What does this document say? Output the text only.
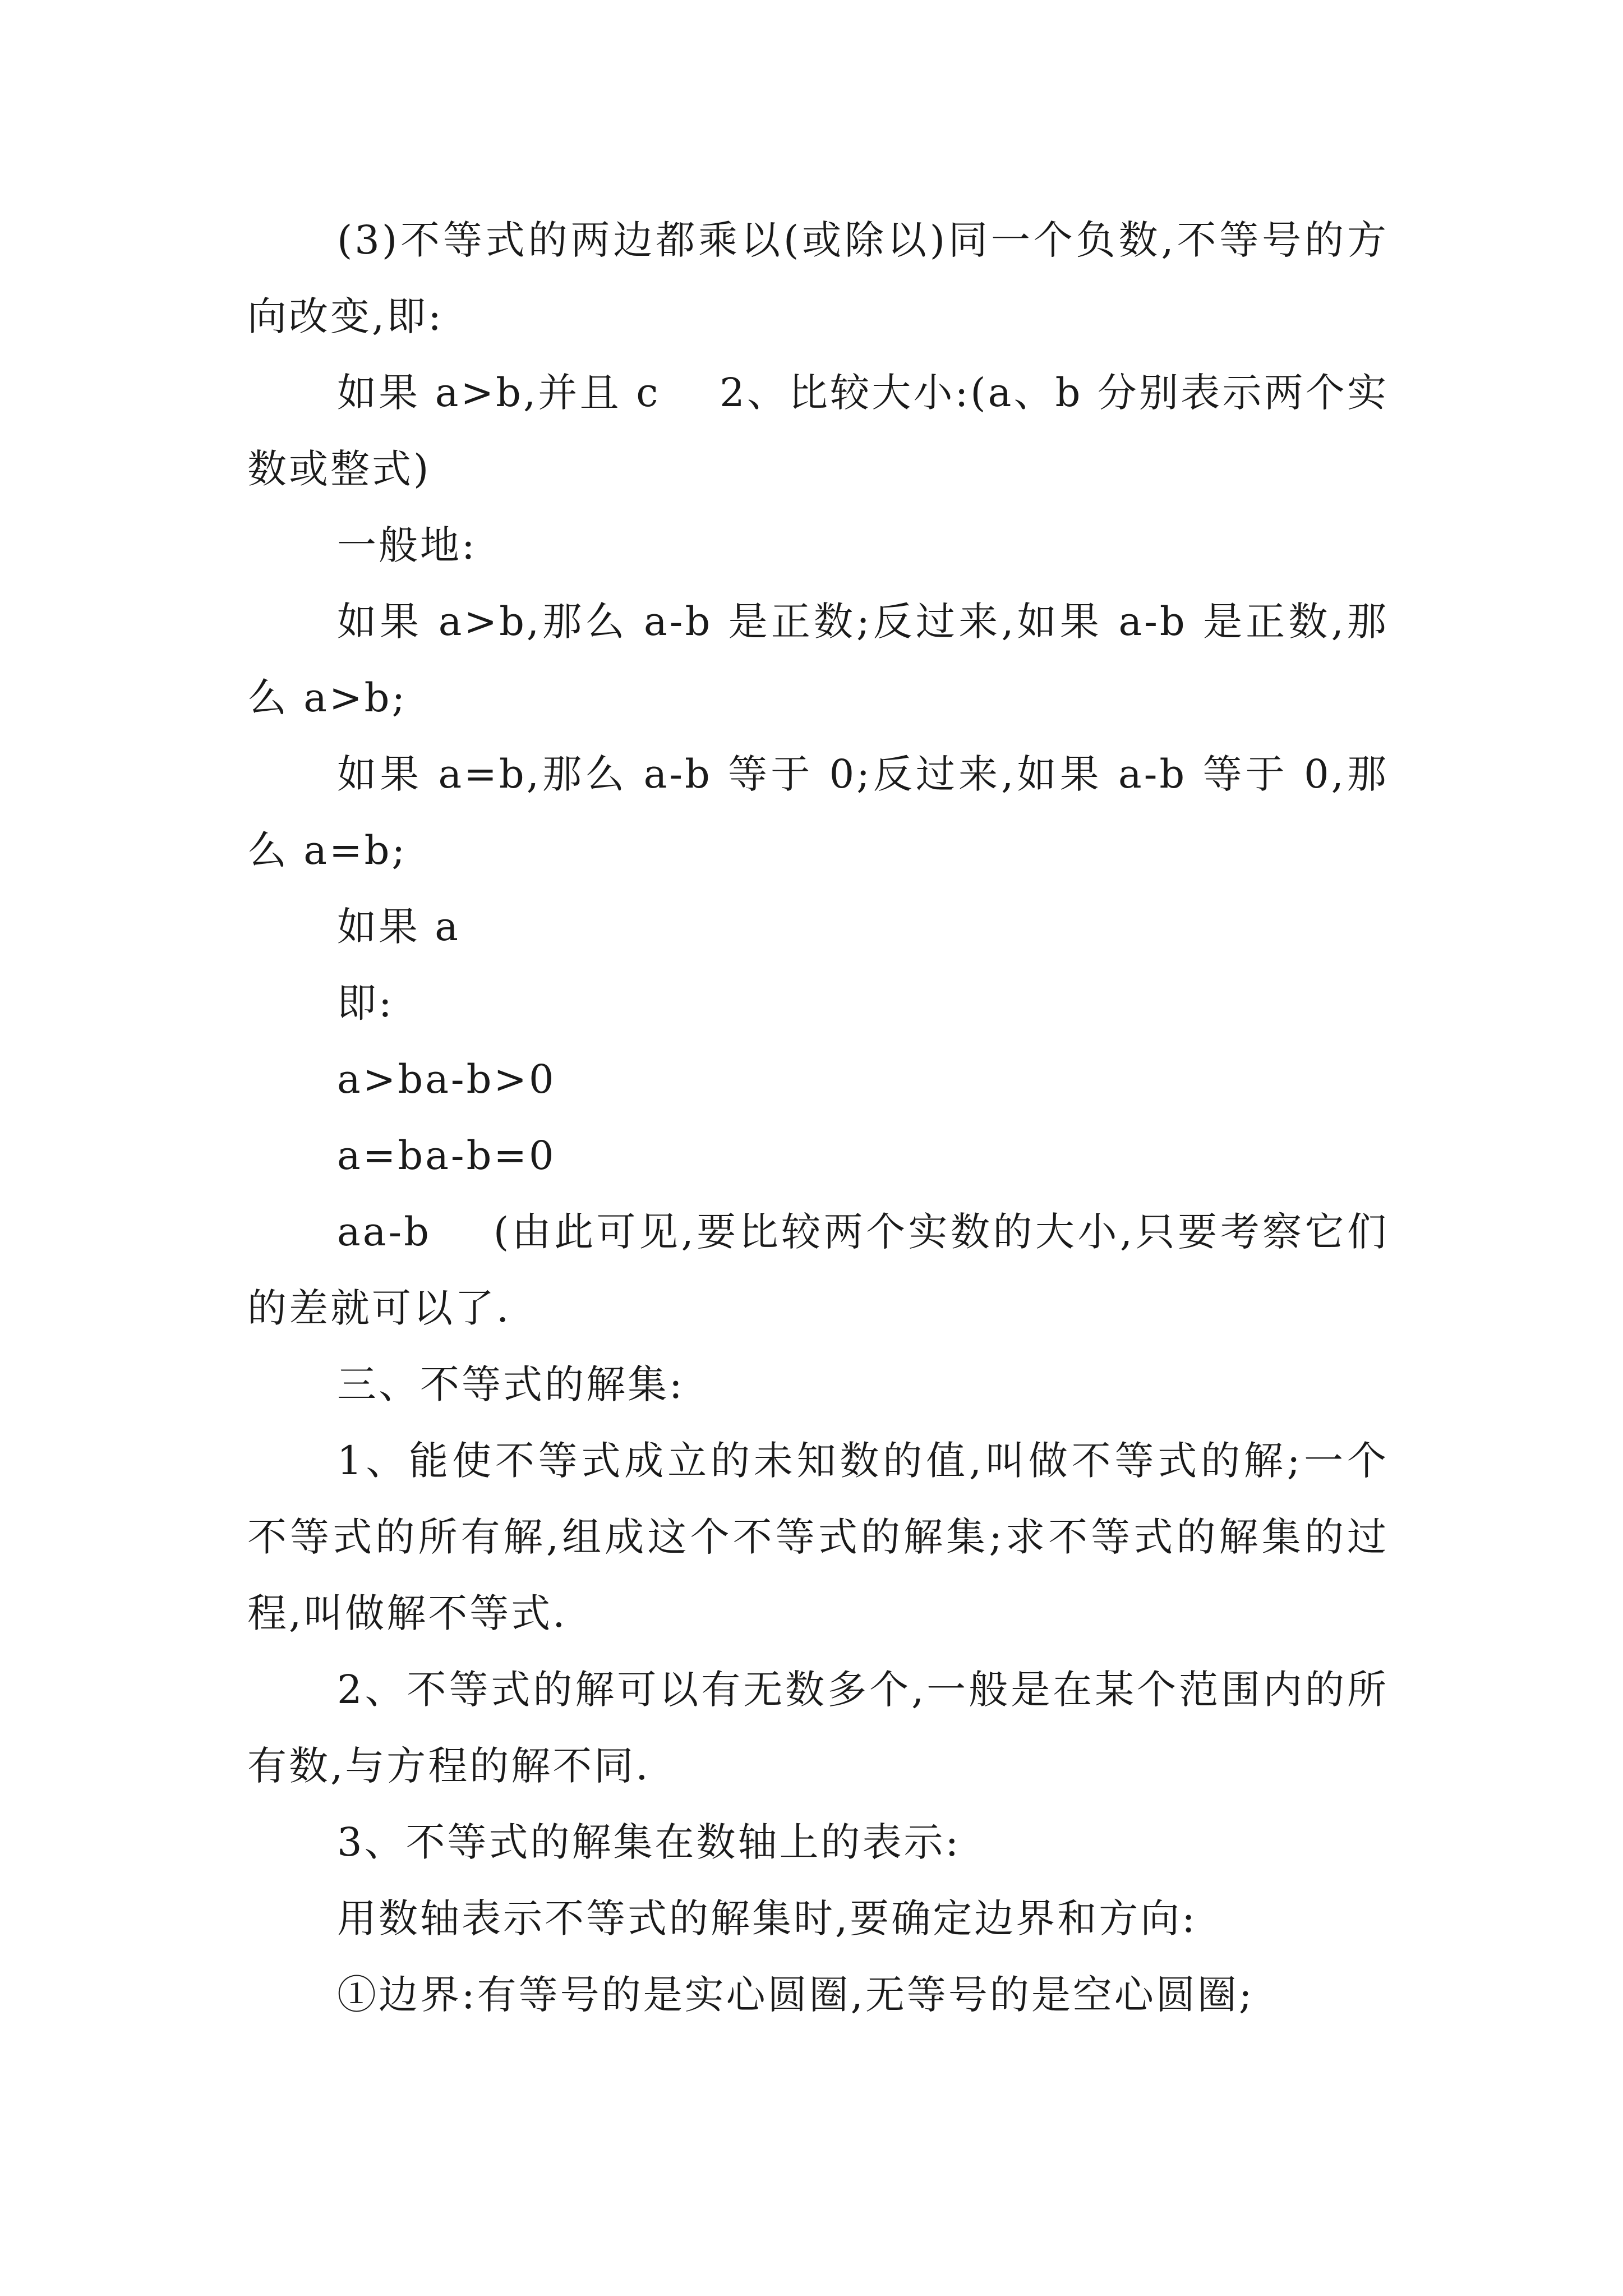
(3)不等式的两边都乘以(或除以)同一个负数,不等号的方向改变,即:

如果 a>b,并且 c    2、比较大小:(a、b 分别表示两个实数或整式)

一般地:

如果 a>b,那么 a-b 是正数;反过来,如果 a-b 是正数,那么 a>b;

如果 a=b,那么 a-b 等于 0;反过来,如果 a-b 等于 0,那么 a=b;

如果 a

即:

a>ba-b>0

a=ba-b=0

aa-b    (由此可见,要比较两个实数的大小,只要考察它们的差就可以了.

三、不等式的解集:

1、能使不等式成立的未知数的值,叫做不等式的解;一个不等式的所有解,组成这个不等式的解集;求不等式的解集的过程,叫做解不等式.

2、不等式的解可以有无数多个,一般是在某个范围内的所有数,与方程的解不同.

3、不等式的解集在数轴上的表示:

用数轴表示不等式的解集时,要确定边界和方向:

①边界:有等号的是实心圆圈,无等号的是空心圆圈;
